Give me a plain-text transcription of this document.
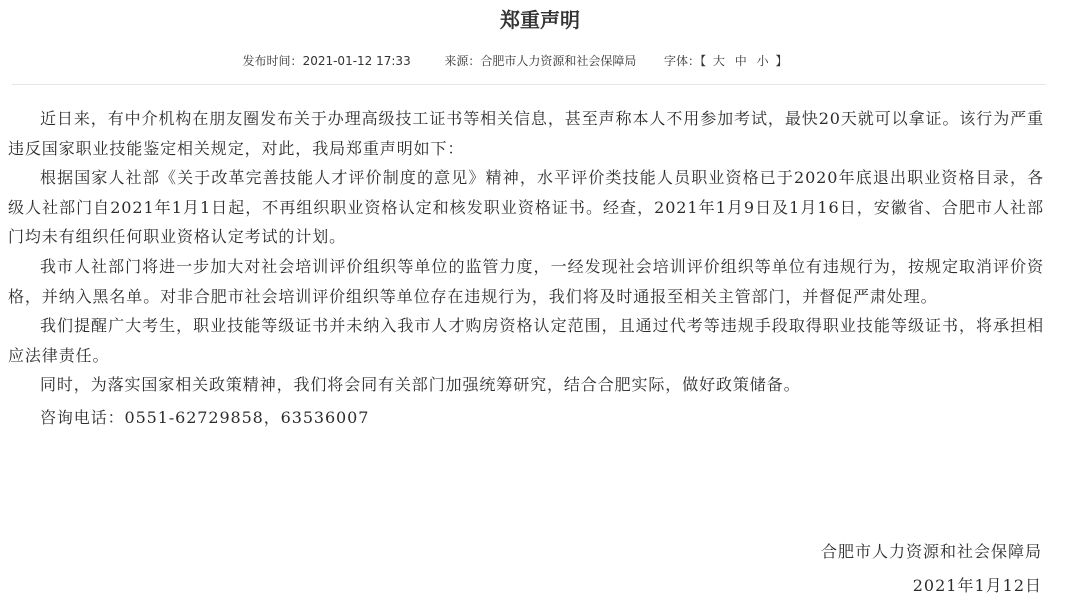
郑重声明
发布时间：2021-01-12 17:33	来源：合肥市人力资源和社会保障局 字体：【 大 中 小 】

近日来，有中介机构在朋友圈发布关于办理高级技工证书等相关信息，甚至声称本人不用参加考试，最快20天就可以拿证。该行为严重违反国家职业技能鉴定相关规定，对此，我局郑重声明如下：

根据国家人社部《关于改革完善技能人才评价制度的意见》精神，水平评价类技能人员职业资格已于2020年底退出职业资格目录，各级人社部门自2021年1月1日起，不再组织职业资格认定和核发职业资格证书。经查，2021年1月9日及1月16日，安徽省、合肥市人社部门均未有组织任何职业资格认定考试的计划。

我市人社部门将进一步加大对社会培训评价组织等单位的监管力度，一经发现社会培训评价组织等单位有违规行为，按规定取消评价资格，并纳入黑名单。对非合肥市社会培训评价组织等单位存在违规行为，我们将及时通报至相关主管部门，并督促严肃处理。

我们提醒广大考生，职业技能等级证书并未纳入我市人才购房资格认定范围，且通过代考等违规手段取得职业技能等级证书，将承担相应法律责任。

同时，为落实国家相关政策精神，我们将会同有关部门加强统筹研究，结合合肥实际，做好政策储备。

咨询电话：0551-62729858，63536007

合肥市人力资源和社会保障局
2021年1月12日
